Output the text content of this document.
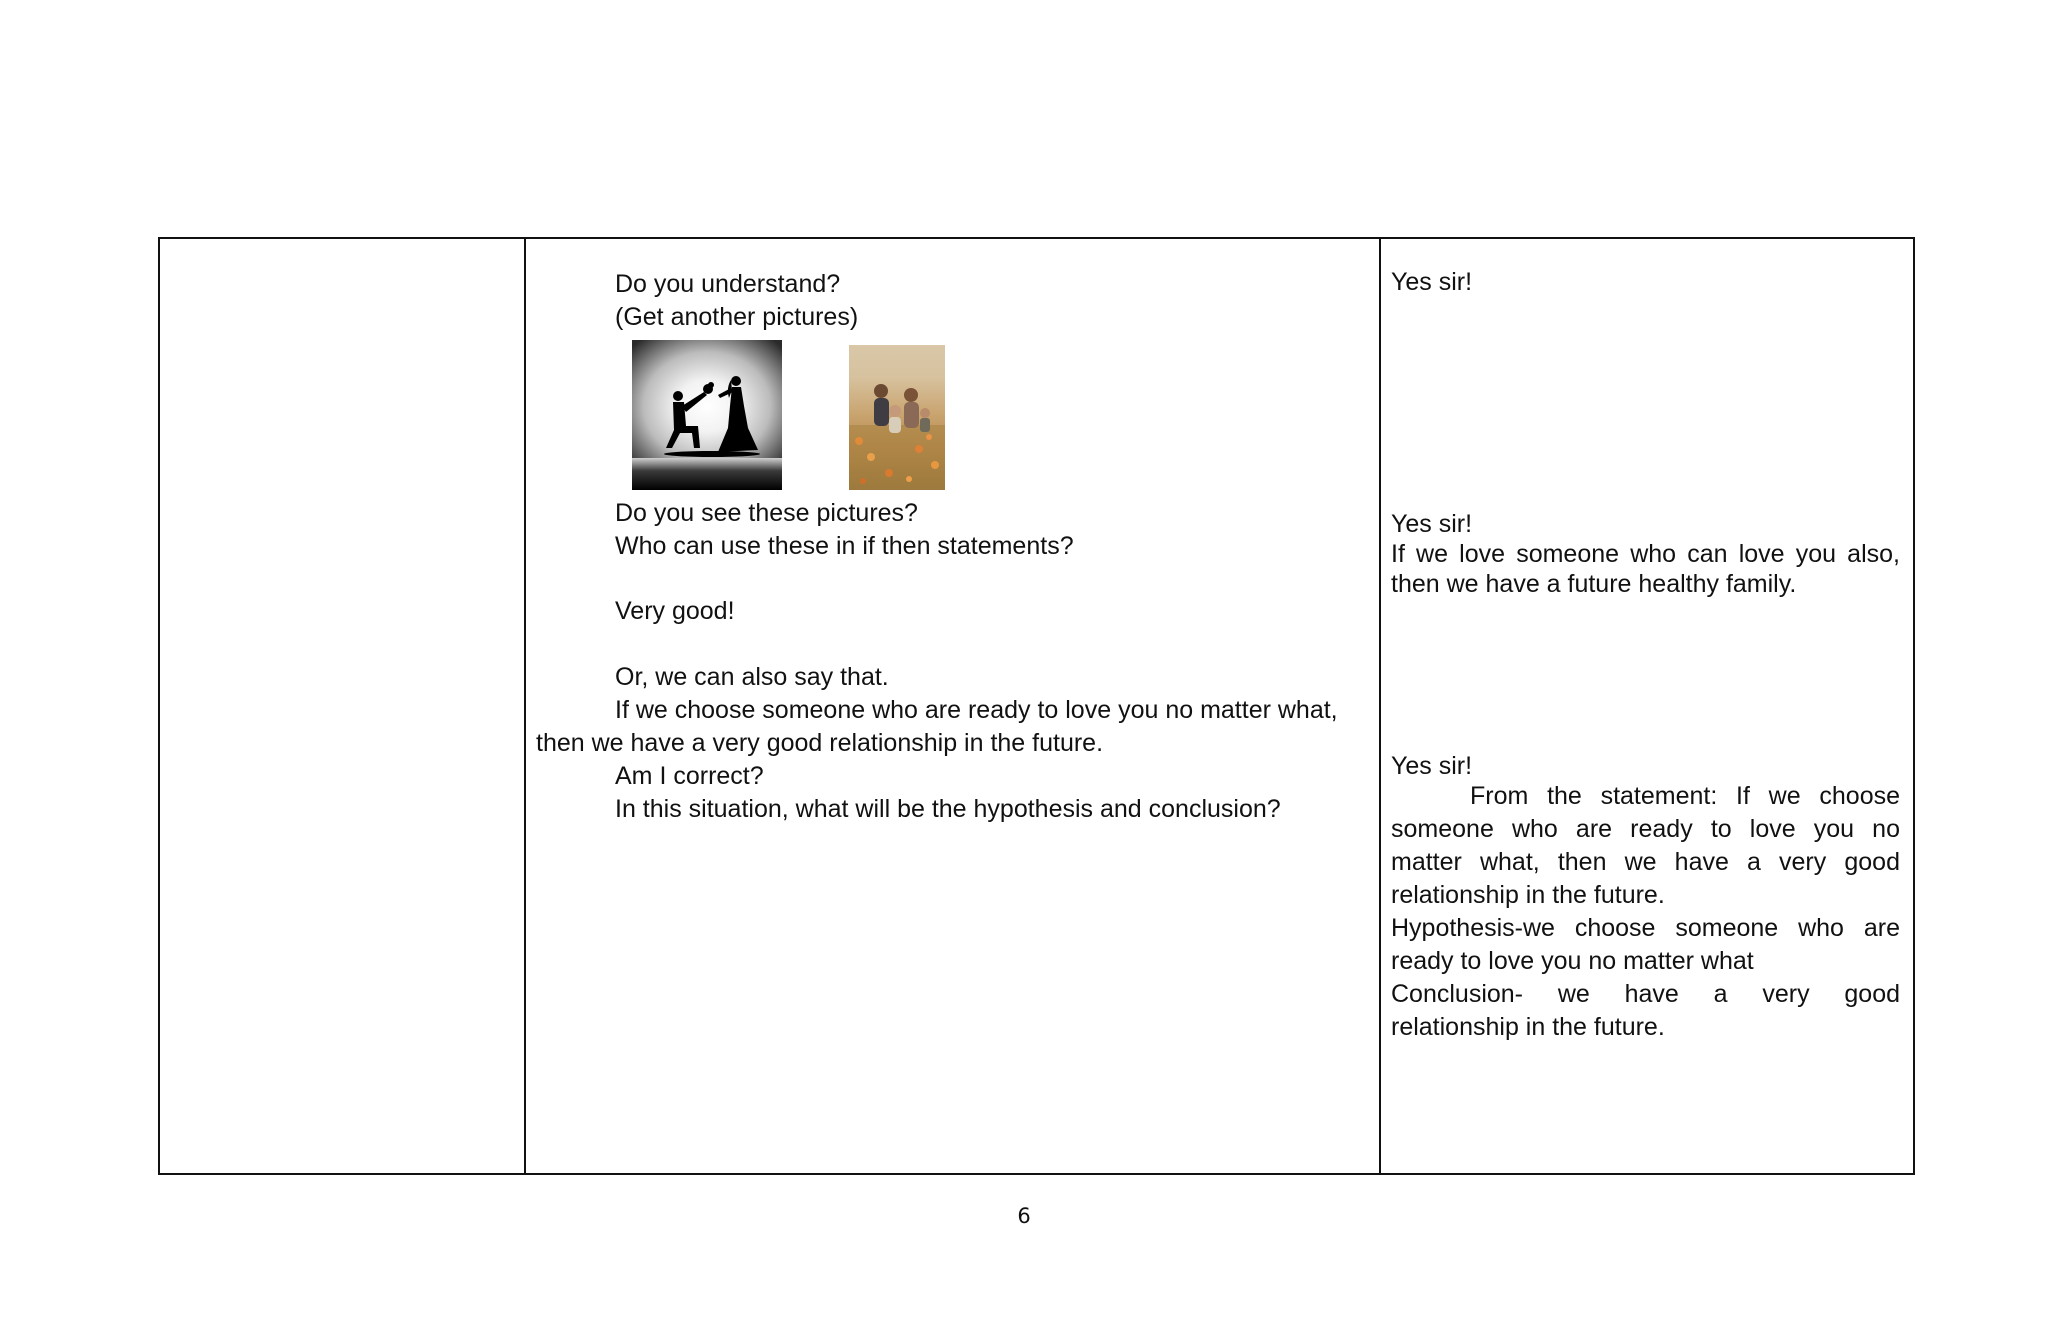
Do you understand?
(Get another pictures)
Do you see these pictures?
Who can use these in if then statements?
Very good!
Or, we can also say that.
If we choose someone who are ready to love you no matter what,
then we have a very good relationship in the future.
Am I correct?
In this situation, what will be the hypothesis and conclusion?
Yes sir!
Yes sir!
If we love someone who can love you also,
then we have a future healthy family.
Yes sir!
From the statement: If we choose
someone who are ready to love you no
matter what, then we have a very good
relationship in the future.
Hypothesis-we choose someone who are
ready to love you no matter what
Conclusion- we have a very good
relationship in the future.
6
